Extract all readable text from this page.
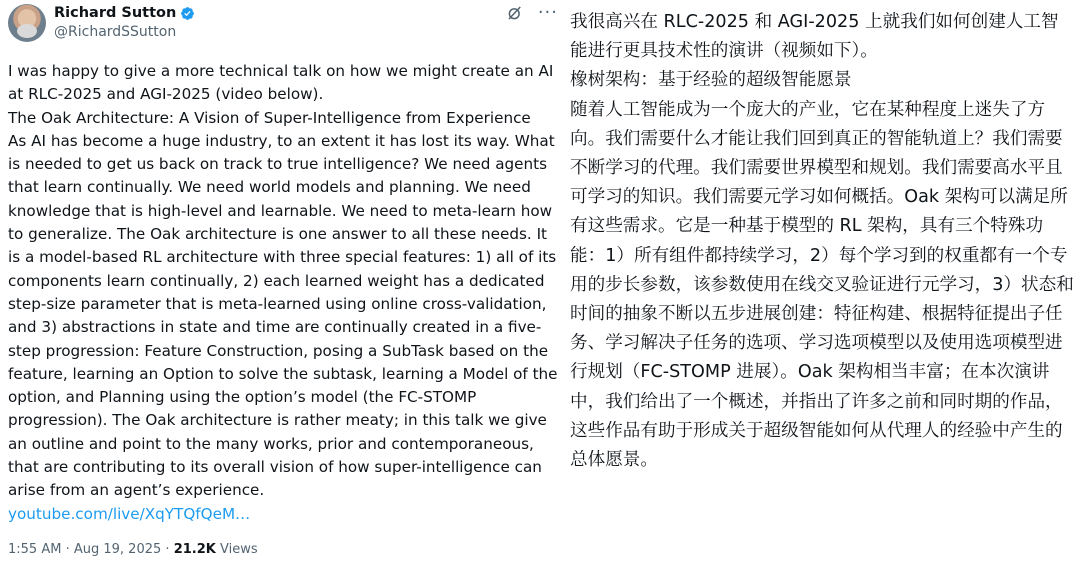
Richard Sutton
@RichardSSutton
···

I was happy to give a more technical talk on how we might create an AI at RLC-2025 and AGI-2025 (video below).

The Oak Architecture: A Vision of Super-Intelligence from Experience

As AI has become a huge industry, to an extent it has lost its way. What is needed to get us back on track to true intelligence? We need agents that learn continually. We need world models and planning. We need knowledge that is high-level and learnable. We need to meta-learn how to generalize. The Oak architecture is one answer to all these needs. It is a model-based RL architecture with three special features: 1) all of its components learn continually, 2) each learned weight has a dedicated step-size parameter that is meta-learned using online cross-validation, and 3) abstractions in state and time are continually created in a five-step progression: Feature Construction, posing a SubTask based on the feature, learning an Option to solve the subtask, learning a Model of the option, and Planning using the option’s model (the FC-STOMP progression). The Oak architecture is rather meaty; in this talk we give an outline and point to the many works, prior and contemporaneous, that are contributing to its overall vision of how super-intelligence can arise from an agent’s experience.

youtube.com/live/XqYTQfQeM…

1:55 AM · Aug 19, 2025 · 21.2K Views

我很高兴在 RLC-2025 和 AGI-2025 上就我们如何创建人工智能进行更具技术性的演讲（视频如下）。

橡树架构：基于经验的超级智能愿景

随着人工智能成为一个庞大的产业，它在某种程度上迷失了方向。我们需要什么才能让我们回到真正的智能轨道上？我们需要不断学习的代理。我们需要世界模型和规划。我们需要高水平且可学习的知识。我们需要元学习如何概括。Oak 架构可以满足所有这些需求。它是一种基于模型的 RL 架构，具有三个特殊功能：1）所有组件都持续学习，2）每个学习到的权重都有一个专用的步长参数，该参数使用在线交叉验证进行元学习，3）状态和时间的抽象不断以五步进展创建：特征构建、根据特征提出子任务、学习解决子任务的选项、学习选项模型以及使用选项模型进行规划（FC-STOMP 进展）。Oak 架构相当丰富；在本次演讲中，我们给出了一个概述，并指出了许多之前和同时期的作品，这些作品有助于形成关于超级智能如何从代理人的经验中产生的总体愿景。
